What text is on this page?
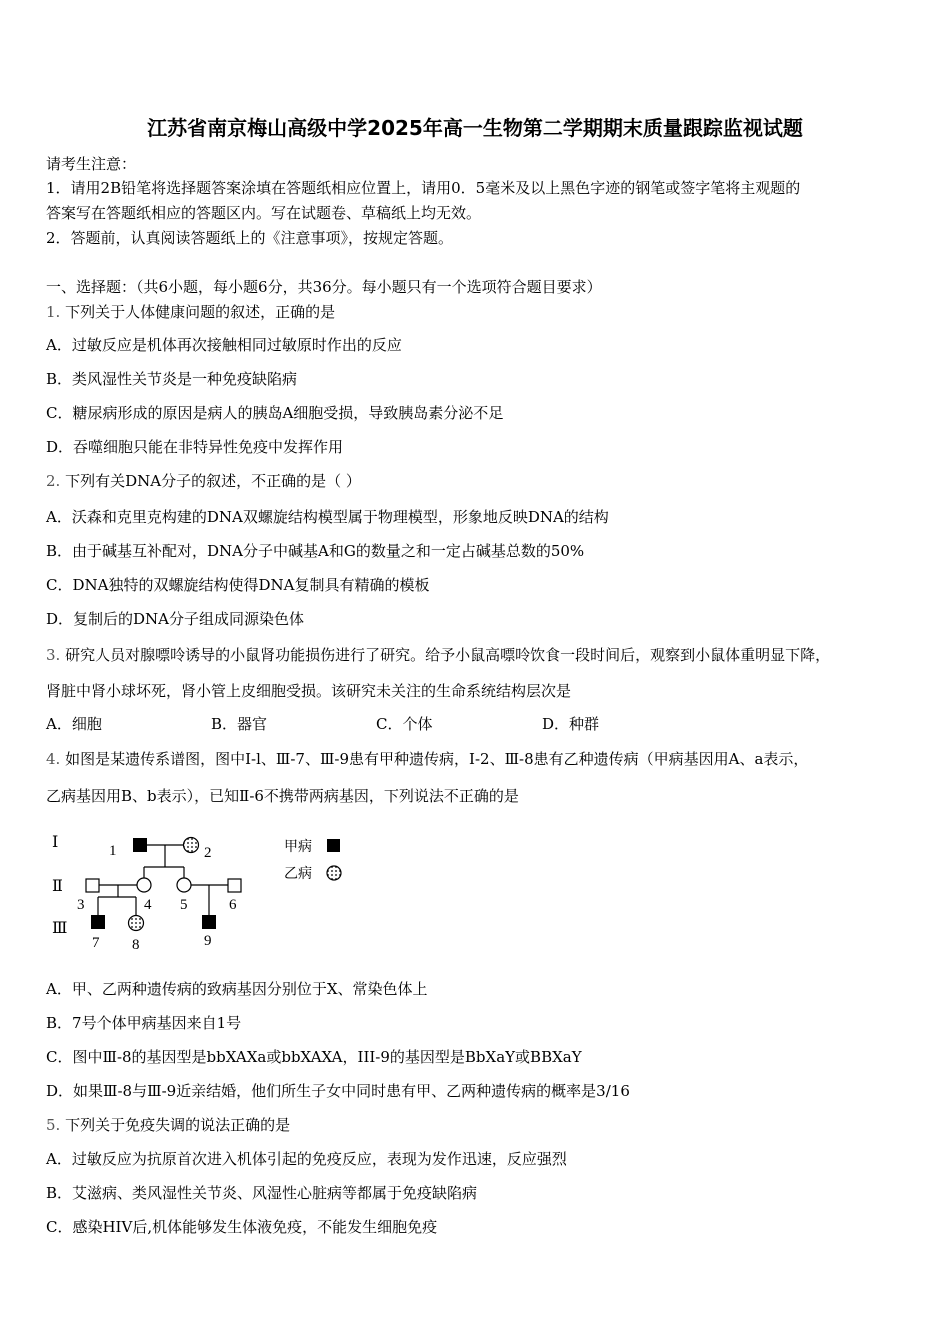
江苏省南京梅山高级中学2025年高一生物第二学期期末质量跟踪监视试题
请考生注意：
1．请用2B铅笔将选择题答案涂填在答题纸相应位置上，请用0．5毫米及以上黑色字迹的钢笔或签字笔将主观题的
答案写在答题纸相应的答题区内。写在试题卷、草稿纸上均无效。
2．答题前，认真阅读答题纸上的《注意事项》，按规定答题。
一、选择题：（共6小题，每小题6分，共36分。每小题只有一个选项符合题目要求）
1. 下列关于人体健康问题的叙述，正确的是
A．过敏反应是机体再次接触相同过敏原时作出的反应
B．类风湿性关节炎是一种免疫缺陷病
C．糖尿病形成的原因是病人的胰岛A细胞受损，导致胰岛素分泌不足
D．吞噬细胞只能在非特异性免疫中发挥作用
2. 下列有关DNA分子的叙述，不正确的是（ ）
A．沃森和克里克构建的DNA双螺旋结构模型属于物理模型，形象地反映DNA的结构
B．由于碱基互补配对，DNA分子中碱基A和G的数量之和一定占碱基总数的50%
C．DNA独特的双螺旋结构使得DNA复制具有精确的模板
D．复制后的DNA分子组成同源染色体
3. 研究人员对腺嘌呤诱导的小鼠肾功能损伤进行了研究。给予小鼠高嘌呤饮食一段时间后，观察到小鼠体重明显下降，
肾脏中肾小球坏死，肾小管上皮细胞受损。该研究未关注的生命系统结构层次是
A．细胞	B．器官	C．个体	D．种群
4. 如图是某遗传系谱图，图中Ⅰ-l、Ⅲ-7、Ⅲ-9患有甲种遗传病，Ⅰ-2、Ⅲ-8患有乙种遗传病（甲病基因用A、a表示，
乙病基因用B、b表示），已知Ⅱ-6不携带两病基因，下列说法不正确的是
Ⅰ
Ⅱ
Ⅲ
1	2
3	4 5	6
7 8	9
甲病
乙病
A．甲、乙两种遗传病的致病基因分别位于X、常染色体上
B．7号个体甲病基因来自1号
C．图中Ⅲ-8的基因型是bbXAXa或bbXAXA，III-9的基因型是BbXaY或BBXaY
D．如果Ⅲ-8与Ⅲ-9近亲结婚，他们所生子女中同时患有甲、乙两种遗传病的概率是3/16
5. 下列关于免疫失调的说法正确的是
A．过敏反应为抗原首次进入机体引起的免疫反应，表现为发作迅速，反应强烈
B．艾滋病、类风湿性关节炎、风湿性心脏病等都属于免疫缺陷病
C．感染HIV后,机体能够发生体液免疫，不能发生细胞免疫
